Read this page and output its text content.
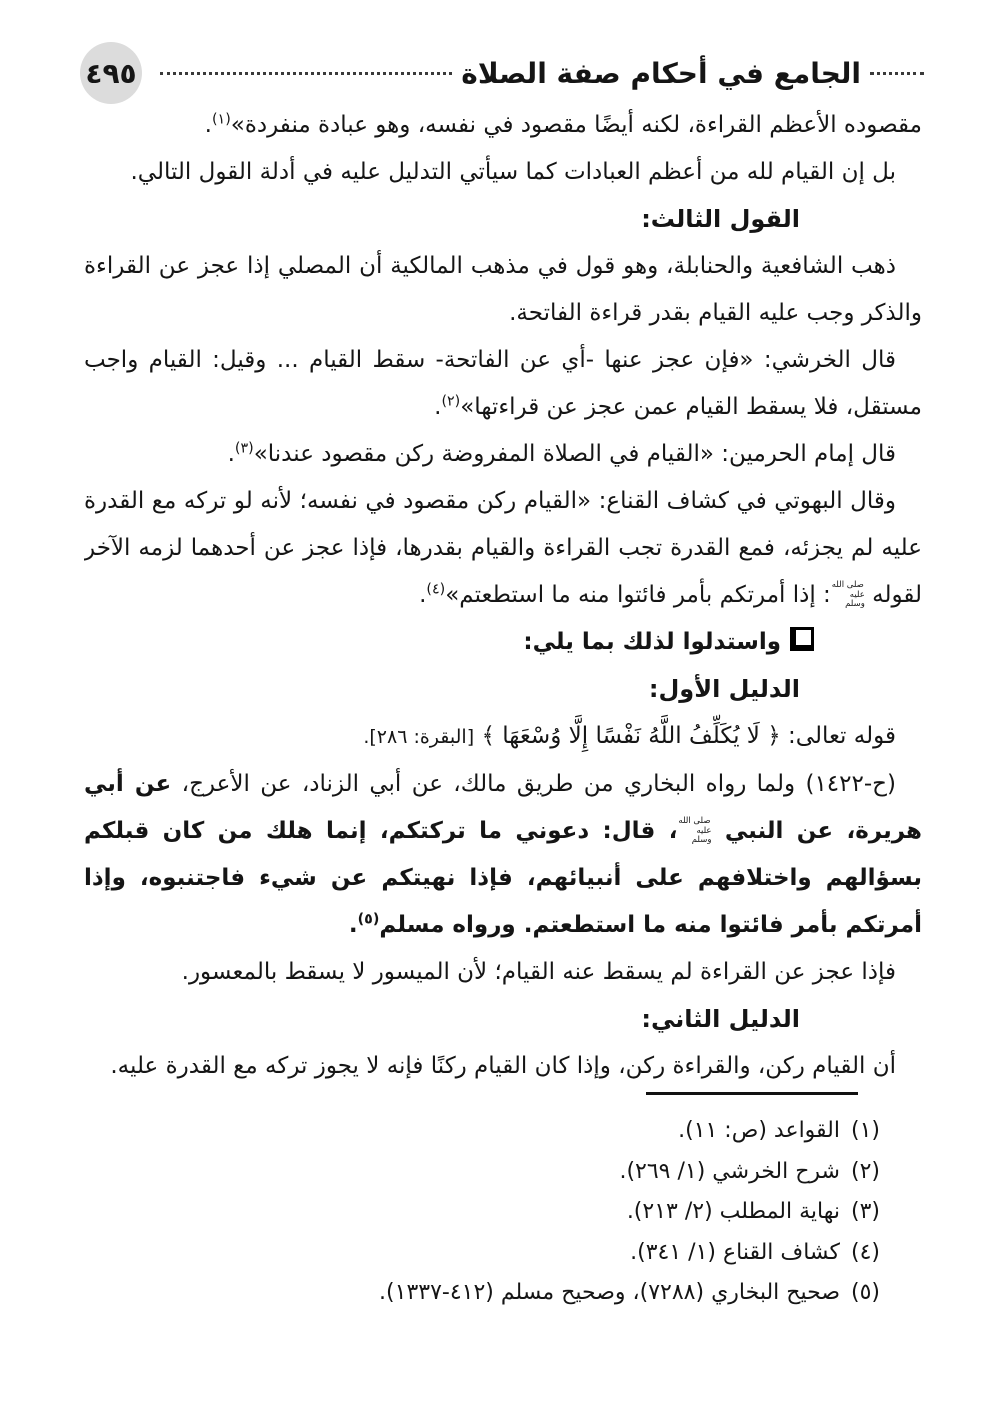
الجامع في أحكام صفة الصلاة
٤٩٥

مقصوده الأعظم القراءة، لكنه أيضًا مقصود في نفسه، وهو عبادة منفردة»$^{(١)}$.

بل إن القيام لله من أعظم العبادات كما سيأتي التدليل عليه في أدلة القول التالي.

القول الثالث:

ذهب الشافعية والحنابلة، وهو قول في مذهب المالكية أن المصلي إذا عجز عن القراءة والذكر وجب عليه القيام بقدر قراءة الفاتحة.

قال الخرشي: «فإن عجز عنها -أي عن الفاتحة- سقط القيام ... وقيل: القيام واجب مستقل، فلا يسقط القيام عمن عجز عن قراءتها»$^{(٢)}$.

قال إمام الحرمين: «القيام في الصلاة المفروضة ركن مقصود عندنا»$^{(٣)}$.

وقال البهوتي في كشاف القناع: «القيام ركن مقصود في نفسه؛ لأنه لو تركه مع القدرة عليه لم يجزئه، فمع القدرة تجب القراءة والقيام بقدرها، فإذا عجز عن أحدهما لزمه الآخر لقوله
صلى الله
عليه وسلم
: إذا أمرتكم بأمر فائتوا منه ما استطعتم»$^{(٤)}$.

واستدلوا لذلك بما يلي:

الدليل الأول:

قوله تعالى: ﴿ لَا يُكَلِّفُ اللَّهُ نَفْسًا إِلَّا وُسْعَهَا ﴾ [البقرة: ٢٨٦].

(ح-١٤٢٢) ولما رواه البخاري من طريق مالك، عن أبي الزناد، عن الأعرج، عن أبي هريرة، عن النبي
صلى الله
عليه وسلم
، قال: دعوني ما تركتكم، إنما هلك من كان قبلكم بسؤالهم واختلافهم على أنبيائهم، فإذا نهيتكم عن شيء فاجتنبوه، وإذا أمرتكم بأمر فائتوا منه ما استطعتم. ورواه مسلم$^{(٥)}$.

فإذا عجز عن القراءة لم يسقط عنه القيام؛ لأن الميسور لا يسقط بالمعسور.

الدليل الثاني:

أن القيام ركن، والقراءة ركن، وإذا كان القيام ركنًا فإنه لا يجوز تركه مع القدرة عليه.

(١)
القواعد (ص: ١١).
(٢)
شرح الخرشي (١/ ٢٦٩).
(٣)
نهاية المطلب (٢/ ٢١٣).
(٤)
كشاف القناع (١/ ٣٤١).
(٥)
صحيح البخاري (٧٢٨٨)، وصحيح مسلم (٤١٢-١٣٣٧).
